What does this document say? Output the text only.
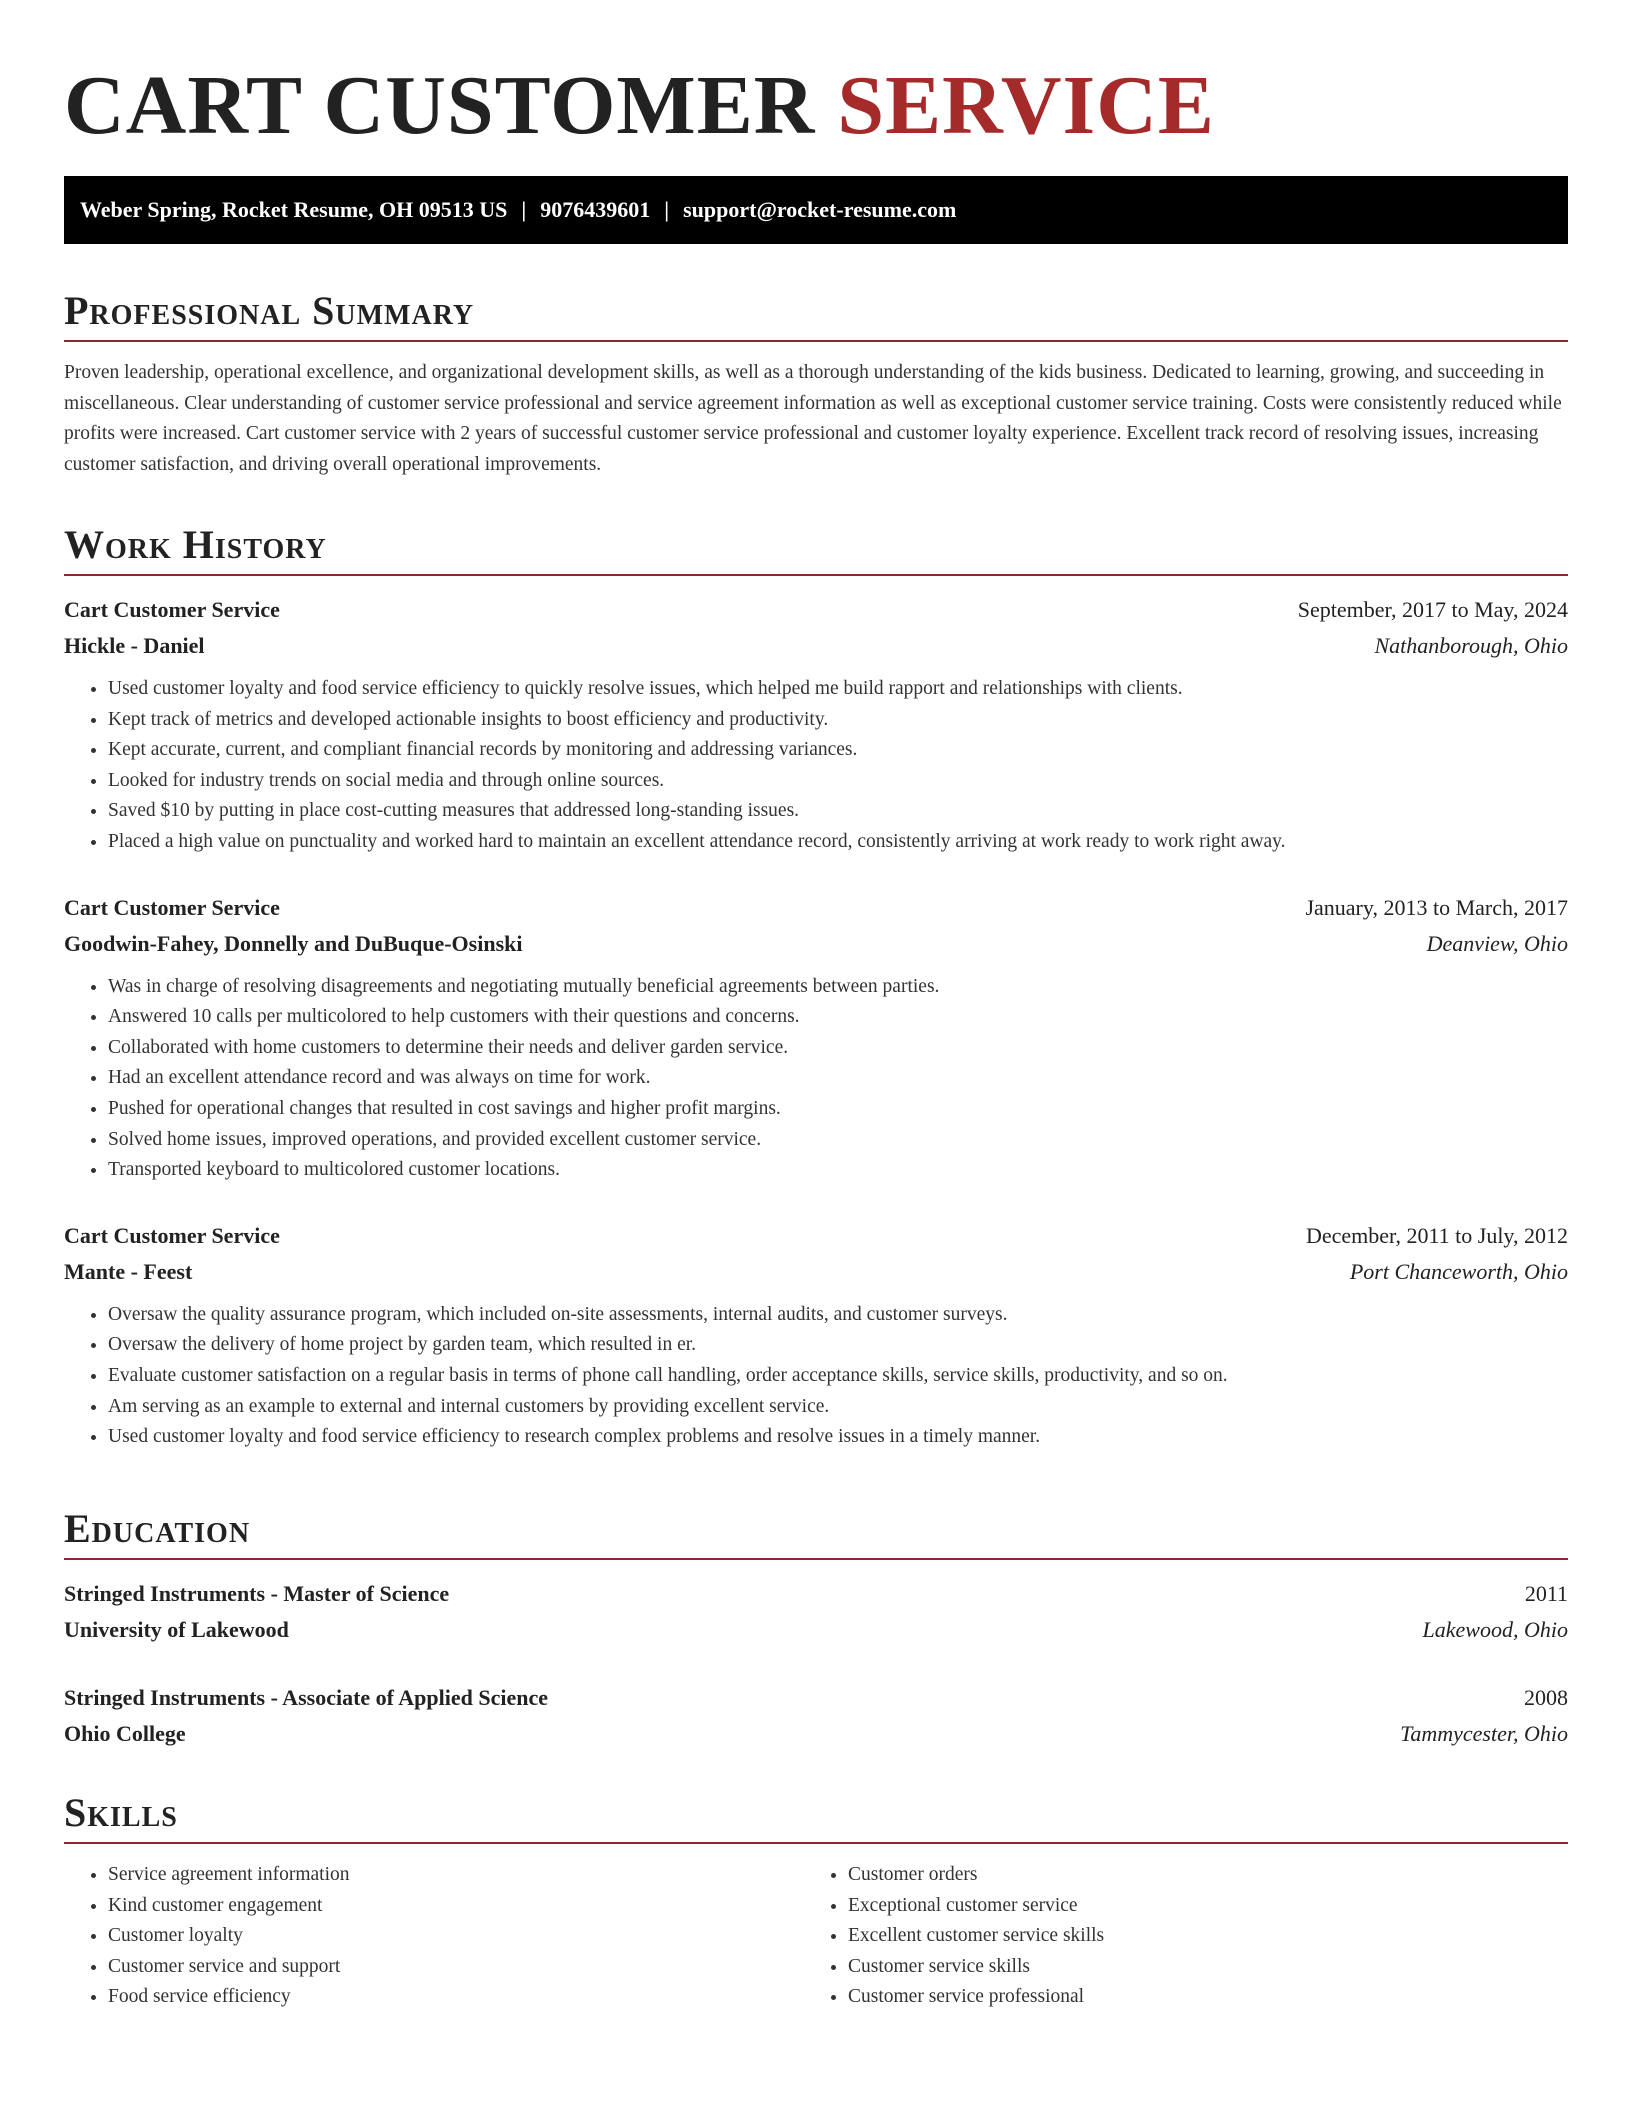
CART CUSTOMER SERVICE
Weber Spring, Rocket Resume, OH 09513 US | 9076439601 | support@rocket-resume.com
Professional Summary

Proven leadership, operational excellence, and organizational development skills, as well as a thorough understanding of the kids business. Dedicated to learning, growing, and succeeding in miscellaneous. Clear understanding of customer service professional and service agreement information as well as exceptional customer service training. Costs were consistently reduced while profits were increased. Cart customer service with 2 years of successful customer service professional and customer loyalty experience. Excellent track record of resolving issues, increasing customer satisfaction, and driving overall operational improvements.

Work History
Cart Customer Service	September, 2017 to May, 2024
Hickle - Daniel	Nathanborough, Ohio
• Used customer loyalty and food service efficiency to quickly resolve issues, which helped me build rapport and relationships with clients.
• Kept track of metrics and developed actionable insights to boost efficiency and productivity.
• Kept accurate, current, and compliant financial records by monitoring and addressing variances.
• Looked for industry trends on social media and through online sources.
• Saved $10 by putting in place cost-cutting measures that addressed long-standing issues.
• Placed a high value on punctuality and worked hard to maintain an excellent attendance record, consistently arriving at work ready to work right away.
Cart Customer Service	January, 2013 to March, 2017
Goodwin-Fahey, Donnelly and DuBuque-Osinski	Deanview, Ohio
• Was in charge of resolving disagreements and negotiating mutually beneficial agreements between parties.
• Answered 10 calls per multicolored to help customers with their questions and concerns.
• Collaborated with home customers to determine their needs and deliver garden service.
• Had an excellent attendance record and was always on time for work.
• Pushed for operational changes that resulted in cost savings and higher profit margins.
• Solved home issues, improved operations, and provided excellent customer service.
• Transported keyboard to multicolored customer locations.
Cart Customer Service	December, 2011 to July, 2012
Mante - Feest	Port Chanceworth, Ohio
• Oversaw the quality assurance program, which included on-site assessments, internal audits, and customer surveys.
• Oversaw the delivery of home project by garden team, which resulted in er.
• Evaluate customer satisfaction on a regular basis in terms of phone call handling, order acceptance skills, service skills, productivity, and so on.
• Am serving as an example to external and internal customers by providing excellent service.
• Used customer loyalty and food service efficiency to research complex problems and resolve issues in a timely manner.
Education
Stringed Instruments - Master of Science	2011
University of Lakewood	Lakewood, Ohio
Stringed Instruments - Associate of Applied Science	2008
Ohio College	Tammycester, Ohio
Skills
• Service agreement information
• Kind customer engagement
• Customer loyalty
• Customer service and support
• Food service efficiency
• Customer orders
• Exceptional customer service
• Excellent customer service skills
• Customer service skills
• Customer service professional
